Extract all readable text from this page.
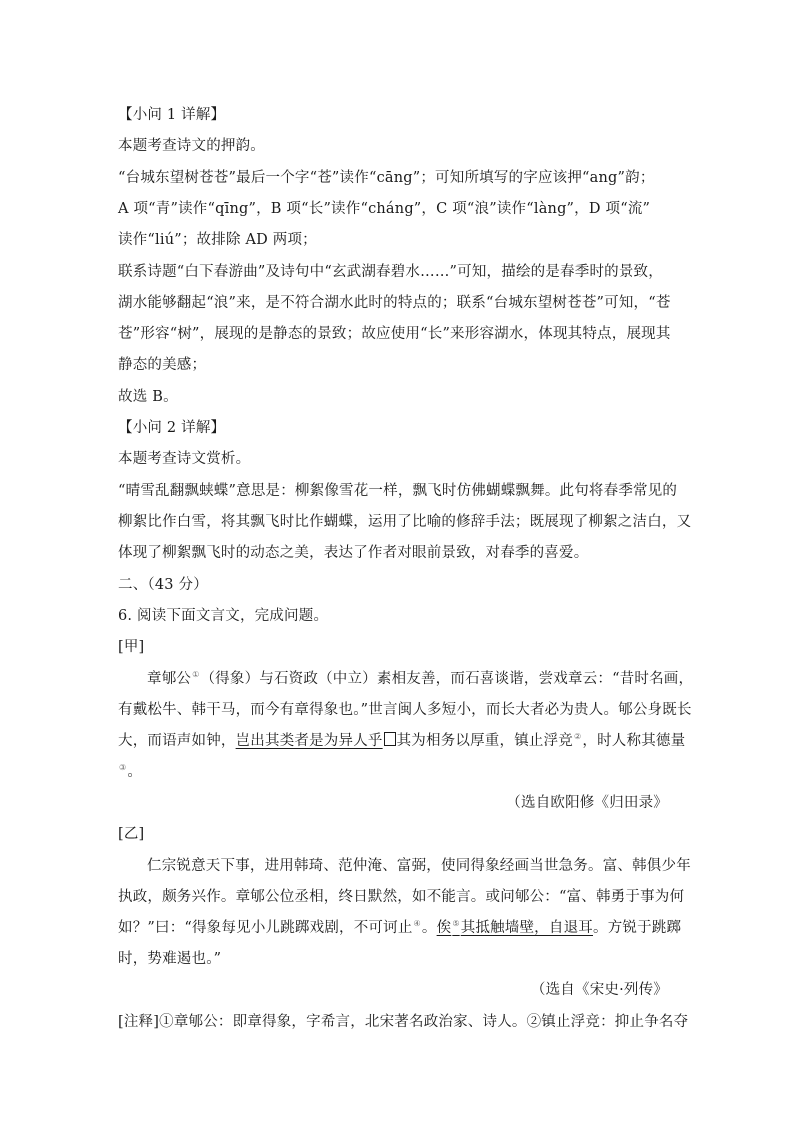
【小问 1 详解】
本题考查诗文的押韵。
“台城东望树苍苍”最后一个字“苍”读作“cāng”；可知所填写的字应该押“ang”韵；
A 项“青”读作“qīng”，B 项“长”读作“cháng”，C 项“浪”读作“làng”，D 项“流”
读作“liú”；故排除 AD 两项；
联系诗题“白下春游曲”及诗句中“玄武湖春碧水……”可知，描绘的是春季时的景致，
湖水能够翻起“浪”来，是不符合湖水此时的特点的；联系“台城东望树苍苍”可知，“苍
苍”形容“树”，展现的是静态的景致；故应使用“长”来形容湖水，体现其特点，展现其
静态的美感；
故选 B。
【小问 2 详解】
本题考查诗文赏析。
“晴雪乱翻飘蛱蝶”意思是：柳絮像雪花一样，飘飞时仿佛蝴蝶飘舞。此句将春季常见的
柳絮比作白雪，将其飘飞时比作蝴蝶，运用了比喻的修辞手法；既展现了柳絮之洁白，又
体现了柳絮飘飞时的动态之美，表达了作者对眼前景致，对春季的喜爱。
二、（43 分）
6. 阅读下面文言文，完成问题。
[甲]
章郇公①（得象）与石资政（中立）素相友善，而石喜谈谐，尝戏章云：“昔时名画，
有戴松牛、韩干马，而今有章得象也。”世言闽人多短小，而长大者必为贵人。郇公身既长
大，而语声如钟，岂出其类者是为异人乎 其为相务以厚重，镇止浮竞②，时人称其德量
③。
（选自欧阳修《归田录》
[乙]
仁宗锐意天下事，进用韩琦、范仲淹、富弼，使同得象经画当世急务。富、韩俱少年
执政，颇务兴作。章郇公位丞相，终日默然，如不能言。或问郇公：“富、韩勇于事为何
如？”曰：“得象每见小儿跳踯戏剧，不可诃止④。俟⑤其抵触墙壁，自退耳。方锐于跳踯
时，势难遏也。”
（选自《宋史·列传》
[注释]①章郇公：即章得象，字希言，北宋著名政治家、诗人。②镇止浮竞：抑止争名夺
